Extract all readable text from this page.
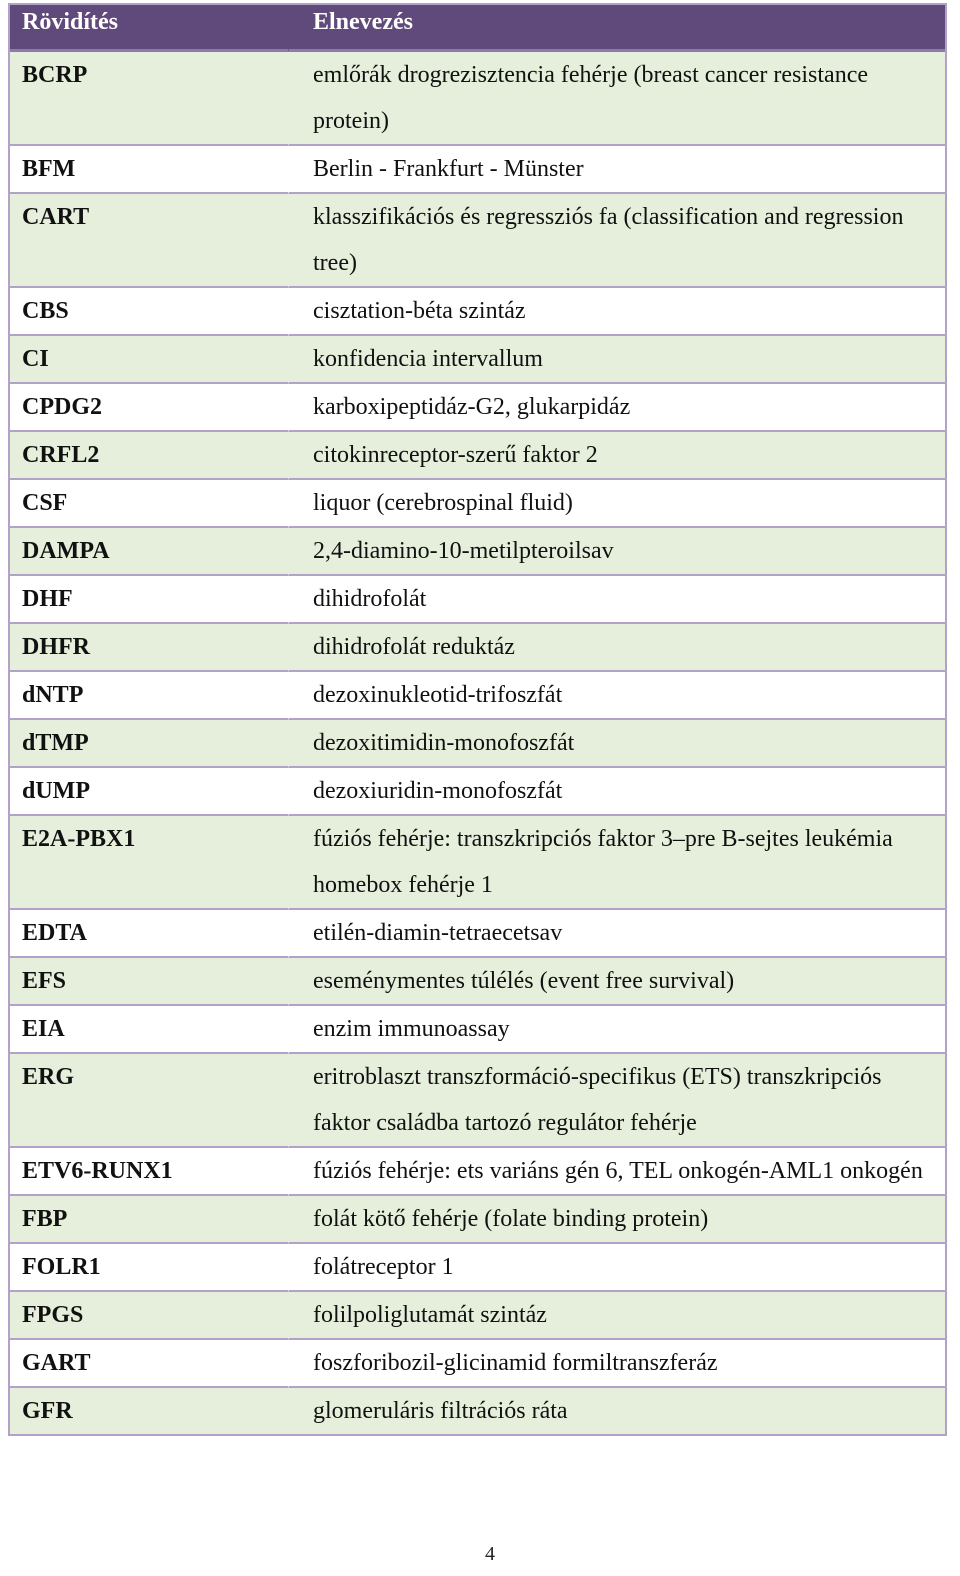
Rövidítés	Elnevezés
BCRP	emlőrák drogrezisztencia fehérje (breast cancer resistance protein)
BFM	Berlin - Frankfurt - Münster
CART	klasszifikációs és regressziós fa (classification and regression tree)
CBS	cisztation-béta szintáz
CI	konfidencia intervallum
CPDG2	karboxipeptidáz-G2, glukarpidáz
CRFL2	citokinreceptor-szerű faktor 2
CSF	liquor (cerebrospinal fluid)
DAMPA	2,4-diamino-10-metilpteroilsav
DHF	dihidrofolát
DHFR	dihidrofolát reduktáz
dNTP	dezoxinukleotid-trifoszfát
dTMP	dezoxitimidin-monofoszfát
dUMP	dezoxiuridin-monofoszfát
E2A-PBX1	fúziós fehérje: transzkripciós faktor 3–pre B-sejtes leukémia homebox fehérje 1
EDTA	etilén-diamin-tetraecetsav
EFS	eseménymentes túlélés (event free survival)
EIA	enzim immunoassay
ERG	eritroblaszt transzformáció-specifikus (ETS) transzkripciós faktor családba tartozó regulátor fehérje
ETV6-RUNX1	fúziós fehérje: ets variáns gén 6, TEL onkogén-AML1 onkogén
FBP	folát kötő fehérje (folate binding protein)
FOLR1	folátreceptor 1
FPGS	folilpoliglutamát szintáz
GART	foszforibozil-glicinamid formiltranszferáz
GFR	glomeruláris filtrációs ráta
4
